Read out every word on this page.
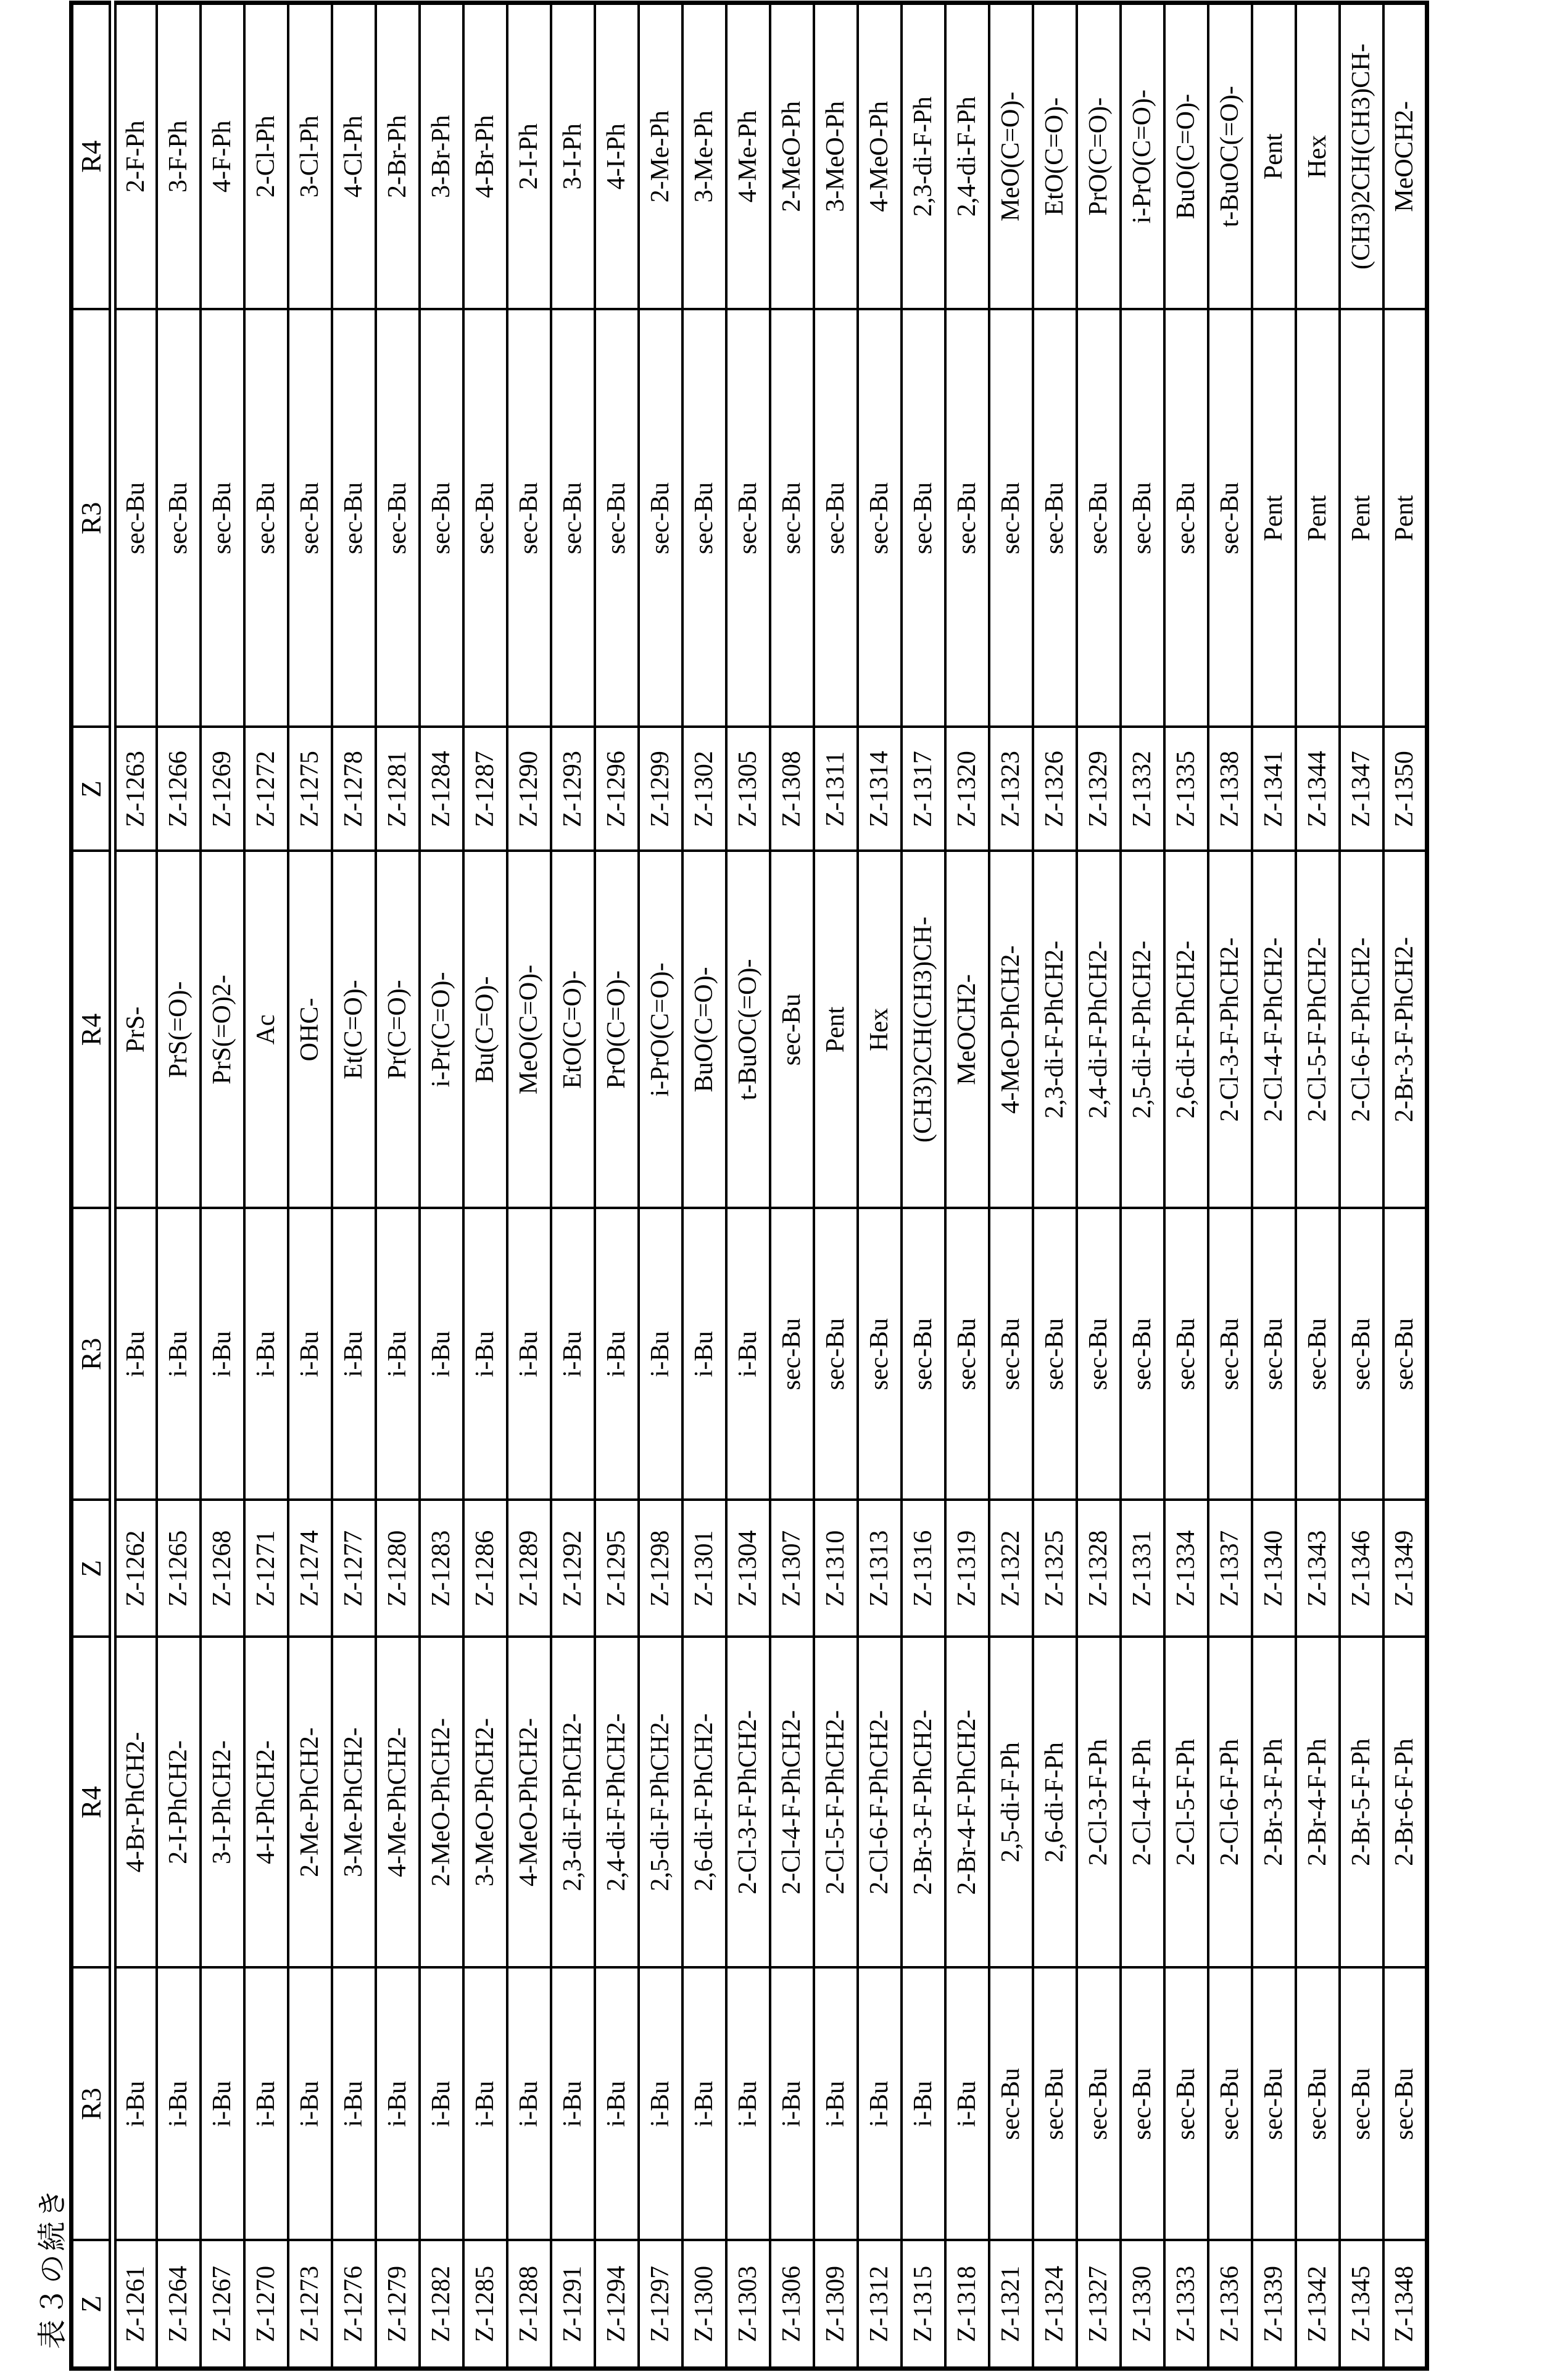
表３の続き Z	R3	R4	Z	R3	R4	Z	R3	R4
Z-1261	i-Bu	4-Br-PhCH2-	Z-1262	i-Bu	PrS-	Z-1263	sec-Bu	2-F-Ph
Z-1264	i-Bu	2-I-PhCH2-	Z-1265	i-Bu	PrS(=O)-	Z-1266	sec-Bu	3-F-Ph
Z-1267	i-Bu	3-I-PhCH2-	Z-1268	i-Bu	PrS(=O)2-	Z-1269	sec-Bu	4-F-Ph
Z-1270	i-Bu	4-I-PhCH2-	Z-1271	i-Bu	Ac	Z-1272	sec-Bu	2-Cl-Ph
Z-1273	i-Bu	2-Me-PhCH2-	Z-1274	i-Bu	OHC-	Z-1275	sec-Bu	3-Cl-Ph
Z-1276	i-Bu	3-Me-PhCH2-	Z-1277	i-Bu	Et(C=O)-	Z-1278	sec-Bu	4-Cl-Ph
Z-1279	i-Bu	4-Me-PhCH2-	Z-1280	i-Bu	Pr(C=O)-	Z-1281	sec-Bu	2-Br-Ph
Z-1282	i-Bu	2-MeO-PhCH2-	Z-1283	i-Bu	i-Pr(C=O)-	Z-1284	sec-Bu	3-Br-Ph
Z-1285	i-Bu	3-MeO-PhCH2-	Z-1286	i-Bu	Bu(C=O)-	Z-1287	sec-Bu	4-Br-Ph
Z-1288	i-Bu	4-MeO-PhCH2-	Z-1289	i-Bu	MeO(C=O)-	Z-1290	sec-Bu	2-I-Ph
Z-1291	i-Bu	2,3-di-F-PhCH2-	Z-1292	i-Bu	EtO(C=O)-	Z-1293	sec-Bu	3-I-Ph
Z-1294	i-Bu	2,4-di-F-PhCH2-	Z-1295	i-Bu	PrO(C=O)-	Z-1296	sec-Bu	4-I-Ph
Z-1297	i-Bu	2,5-di-F-PhCH2-	Z-1298	i-Bu	i-PrO(C=O)-	Z-1299	sec-Bu	2-Me-Ph
Z-1300	i-Bu	2,6-di-F-PhCH2-	Z-1301	i-Bu	BuO(C=O)-	Z-1302	sec-Bu	3-Me-Ph
Z-1303	i-Bu	2-Cl-3-F-PhCH2-	Z-1304	i-Bu	t-BuOC(=O)-	Z-1305	sec-Bu	4-Me-Ph
Z-1306	i-Bu	2-Cl-4-F-PhCH2-	Z-1307	sec-Bu	sec-Bu	Z-1308	sec-Bu	2-MeO-Ph
Z-1309	i-Bu	2-Cl-5-F-PhCH2-	Z-1310	sec-Bu	Pent	Z-1311	sec-Bu	3-MeO-Ph
Z-1312	i-Bu	2-Cl-6-F-PhCH2-	Z-1313	sec-Bu	Hex	Z-1314	sec-Bu	4-MeO-Ph
Z-1315	i-Bu	2-Br-3-F-PhCH2-	Z-1316	sec-Bu	(CH3)2CH(CH3)CH-	Z-1317	sec-Bu	2,3-di-F-Ph
Z-1318	i-Bu	2-Br-4-F-PhCH2-	Z-1319	sec-Bu	MeOCH2-	Z-1320	sec-Bu	2,4-di-F-Ph
Z-1321	sec-Bu	2,5-di-F-Ph	Z-1322	sec-Bu	4-MeO-PhCH2-	Z-1323	sec-Bu	MeO(C=O)-
Z-1324	sec-Bu	2,6-di-F-Ph	Z-1325	sec-Bu	2,3-di-F-PhCH2-	Z-1326	sec-Bu	EtO(C=O)-
Z-1327	sec-Bu	2-Cl-3-F-Ph	Z-1328	sec-Bu	2,4-di-F-PhCH2-	Z-1329	sec-Bu	PrO(C=O)-
Z-1330	sec-Bu	2-Cl-4-F-Ph	Z-1331	sec-Bu	2,5-di-F-PhCH2-	Z-1332	sec-Bu	i-PrO(C=O)-
Z-1333	sec-Bu	2-Cl-5-F-Ph	Z-1334	sec-Bu	2,6-di-F-PhCH2-	Z-1335	sec-Bu	BuO(C=O)-
Z-1336	sec-Bu	2-Cl-6-F-Ph	Z-1337	sec-Bu	2-Cl-3-F-PhCH2-	Z-1338	sec-Bu	t-BuOC(=O)-
Z-1339	sec-Bu	2-Br-3-F-Ph	Z-1340	sec-Bu	2-Cl-4-F-PhCH2-	Z-1341	Pent	Pent
Z-1342	sec-Bu	2-Br-4-F-Ph	Z-1343	sec-Bu	2-Cl-5-F-PhCH2-	Z-1344	Pent	Hex
Z-1345	sec-Bu	2-Br-5-F-Ph	Z-1346	sec-Bu	2-Cl-6-F-PhCH2-	Z-1347	Pent	(CH3)2CH(CH3)CH-
Z-1348	sec-Bu	2-Br-6-F-Ph	Z-1349	sec-Bu	2-Br-3-F-PhCH2-	Z-1350	Pent	MeOCH2-
